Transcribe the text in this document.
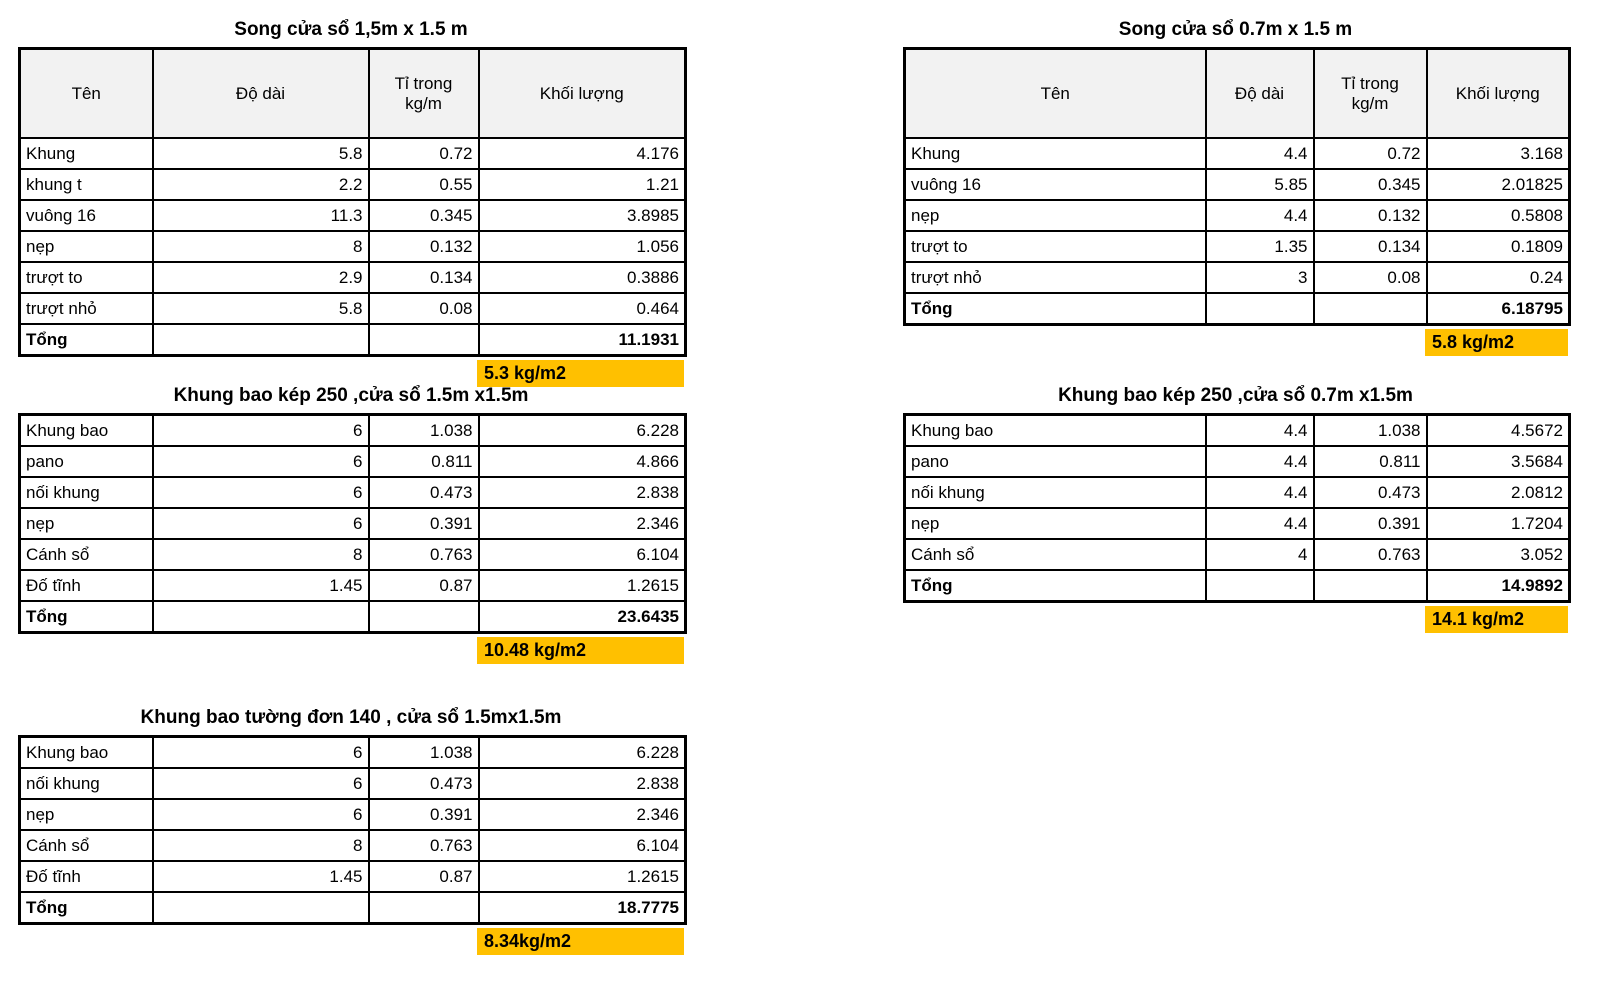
Song cửa sổ 1,5m x 1.5 m
Tên	Độ dài	Tỉ trong kg/m	Khối lượng
Khung	5.8	0.72	4.176
khung t	2.2	0.55	1.21
vuông 16	11.3	0.345	3.8985
nẹp	8	0.132	1.056
trượt to	2.9	0.134	0.3886
trượt nhỏ	5.8	0.08	0.464
Tổng			11.1931
5.3 kg/m2
Song cửa sổ 0.7m x 1.5 m
Tên	Độ dài	Tỉ trong kg/m	Khối lượng
Khung	4.4	0.72	3.168
vuông 16	5.85	0.345	2.01825
nẹp	4.4	0.132	0.5808
trượt to	1.35	0.134	0.1809
trượt nhỏ	3	0.08	0.24
Tổng			6.18795
5.8 kg/m2
Khung bao kép 250 ,cửa sổ 1.5m x1.5m
Khung bao	6	1.038	6.228
pano	6	0.811	4.866
nối khung	6	0.473	2.838
nẹp	6	0.391	2.346
Cánh sổ	8	0.763	6.104
Đố tĩnh	1.45	0.87	1.2615
Tổng			23.6435
10.48 kg/m2
Khung bao kép 250 ,cửa sổ 0.7m x1.5m
Khung bao	4.4	1.038	4.5672
pano	4.4	0.811	3.5684
nối khung	4.4	0.473	2.0812
nẹp	4.4	0.391	1.7204
Cánh sổ	4	0.763	3.052
Tổng			14.9892
14.1 kg/m2
Khung bao tường đơn 140 , cửa sổ 1.5mx1.5m
Khung bao	6	1.038	6.228
nối khung	6	0.473	2.838
nẹp	6	0.391	2.346
Cánh sổ	8	0.763	6.104
Đố tĩnh	1.45	0.87	1.2615
Tổng			18.7775
8.34kg/m2
